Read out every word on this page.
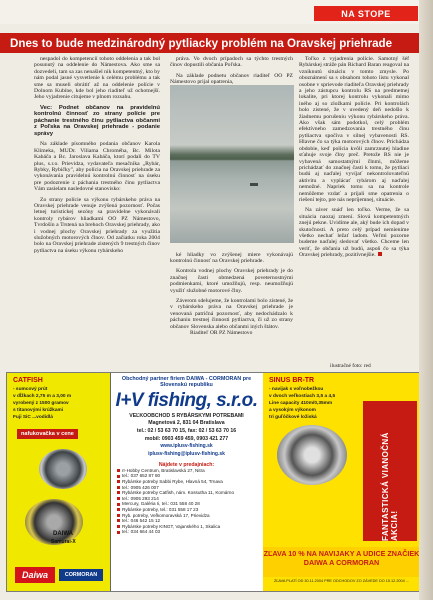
NA STOPE
Dnes to bude medzinárodný pytliacky problém na Oravskej priehrade

nespadol do kompetencií tohoto oddelenia a tak bol posunutý na oddelenie do Námestova. Ako sme sa dozvedeli, tam sa zas nenašiel nik kompetentný, kto by nám podal jasné vysvetlenie k celému problému a tak sme sa museli obrátiť až na oddelenie polície v Dolnom Kubíne, kde bol jeho riaditeľ už ochotnejší. Jeho vyjadrenie citujeme v plnom rozsahu.

Vec: Podnet občanov na pravidelnú kontrolnú činnosť zo strany polície pre páchanie trestného činu pytliactva občanmi z Poľska na Oravskej priehrade - podanie správy

Na základe písomného podania občanov Karola Klimeka, MUDr. Viliama Chroméha, Bc. Milota Kabáča a Bc. Jaroslava Kabáča, ktorí podali do TV plus, s.r.o. Prievidza, vydavateľa mesačníka „Rybár, Rybky, Rybičky", aby polícia na Oravskej priehrade za vykonávania pravidelnú kontrolnú činnosť na úseku pre podozrenie z páchania trestného činu pytliactva Vám zasielam nasledovné stanovisko:

Zo strany polície sa výkonu rybárskeho práva na Oravskej priehrade venuje zvýšená pozornosť. Počas letnej turistickej sezóny sa pravidelne vykonávali kontroly rybárov hliadkami OO PZ Námestovo, Tvrdošín a Trstená na brehoch Oravskej priehrady, ako i vodnej plochy Oravskej priehrady za využitia služobných motorových člnov. Od začiatku roka 2004 bolo na Oravskej priehrade zistených 9 trestných činov pytliactva na úseku výkonu rybárskeho

práva. Vo dvoch prípadoch sa týchto trestných činov dopustili občania Poľska.

Na základe podnetu občanov riaditeľ OO PZ Námestovo prijal opatrenia,

ké hliadky vo zvýšenej miere vykonávajú kontrolnú činnosť na Oravskej priehrade.

Kontrola vodnej plochy Oravskej priehrady je do značnej časti obmedzená poveternostnými podmienkami, ktoré umožňujú, resp. neumožňujú využiť služobné motorové člny.

Záverom sdelujeme, že kontrolami bolo zistené, že v rybárskeho práva na Oravskej priehrade je venovaná patričná pozornosť, aby nedochádzalo k páchaniu trestnej činnosti pytliactva, či už zo strany občanov Slovenska alebo občanmi iných štátov.

Riaditeľ OR PZ Námestovo

Toľko z vyjadrenia polície. Samotný šéf Rybárskej stráže pán Richard Baran reagoval na vzniknutú situáciu v tomto zmysle. Po oboznámení sa s obsahom tohoto listu vykonal osobne v sprievode riaditeľa Oravskej priehrady a jeho zástupcu kontrolu RS na predmetnej lokalite, pri ktorej kontrolu vykonali mimo iného aj so zložkami polície. Pri kontrolách bolo zistené, že v uvedený deň nedošlo k žiadnemu porušeniu výkonu rybárskeho práva. Ako však sám podotkol, celý problém efektívneho zamedzovania trestného činu pytliactva spočíva v silnej vybavenosti RS. Hlavne čo sa týka motorových člnov. Prichádza obdobie, keď polícia kvôli zamrznutej hladine sťahuje svoje člny preč. Pretože RS nie je vybavená samostatnými člnmi, môžeme prichádzať do značnej časti k tomu, že pytliaci budú aj naďalej vyvíjať nekontrolovateľnú aktivitu a vyplácať rybárom aj naďalej nemožné. Napriek tomu sa na kontrole nemôžeme vzdať a prijali sme opatrenia o riešení tejto, pre nás nepríjemnej, situácie.

Na záver snáď len toľko. Verme, že sa situácia naozaj zmení. Slová kompetentných znejú pekne. Uvidíme ale, aký bude ich dopad v skutočnosti. A preto celý prípad nemienime všetko nechať ležať ladom. Veľmi pozorne budeme naďalej sledovať všetko. Chceme len veriť, že občania už budú, aspoň čo sa týka Oravskej priehrady, pozitívnejšie.

ilustračné foto: red
CATFISH
- sumcový prút
v dĺžkach 2,75 m a 3,00 m
vyrobený z 1500 gramov
s titanovými krúžkami
Fuji SiC ...vodidlá
nafukovačka v cene
DAIWA
Samurai-X
Daiwa	CORMORAN
Obchodný partner firiem DAIWA - CORMORAN pre Slovenskú republiku
I+V fishing, s.r.o.
VEĽKOOBCHOD S RYBÁRSKYMI POTREBAMI
Magnetová 2, 831 04 Bratislava
tel.: 02 / 53 63 70 15, fax: 02 / 53 63 70 16
mobil: 0903 459 459, 0903 421 277
www.iplusv-fishing.sk
iplusv-fishing@iplusv-fishing.sk
Nájdete v predajniach:
rr-Hobby Centrum, Bratislavská 27, Nitra
tel.: 037 652 87 80
Rybárske potreby Sabbi Rybe, Hlavná 54, Trnava
tel.: 0905 426 007
Rybárske potreby Catfish, nám. Kossutha 11, Komárno
tel.: 0905 293 214
Mercury, Galéria Ii, tel.: 031 558 40 28
Rybárske potreby, tel.: 031 558 17 23
Ryb. potreby, Veľkomoravská 17, Prievidza
tel.: 046 542 15 12
Rybárske potreby KINGT, Vajanského 1, Skalica
tel.: 034 664 44 03
SINUS BR-TR
- navijak s voľnobežkou
v dvoch veľkostiach 3,5 a 4,5
Line capacity 410m/0,35mm
a vysokým výkonom
tri guľôčkové ložiská
FANTASTICKÁ VIANOČNÁ AKCIA!
ZĽAVA 10 % NA NAVIJAKY A UDICE ZNAČIEK DAIWA A CORMORAN
ZĽAVA PLATÍ OD 30.11.2004 PRE ODCHODOV ZO ZÁVEDE DO 15.12.2004 ...
